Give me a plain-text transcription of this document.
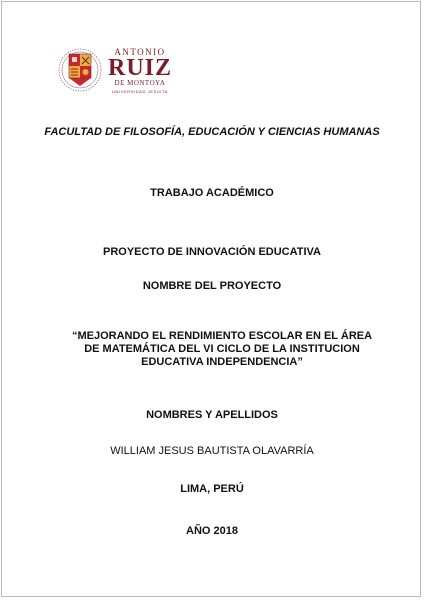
ANTONIO
RUIZ
DE MONTOYA
UNIVERSIDAD JESUITA
FACULTAD DE FILOSOFÍA, EDUCACIÓN Y CIENCIAS HUMANAS
TRABAJO ACADÉMICO
PROYECTO DE INNOVACIÓN EDUCATIVA
NOMBRE DEL PROYECTO
“MEJORANDO EL RENDIMIENTO ESCOLAR EN EL ÁREA DE MATEMÁTICA DEL VI CICLO DE LA INSTITUCION EDUCATIVA INDEPENDENCIA”
NOMBRES Y APELLIDOS
WILLIAM JESUS BAUTISTA OLAVARRÍA
LIMA, PERÚ
AÑO 2018
